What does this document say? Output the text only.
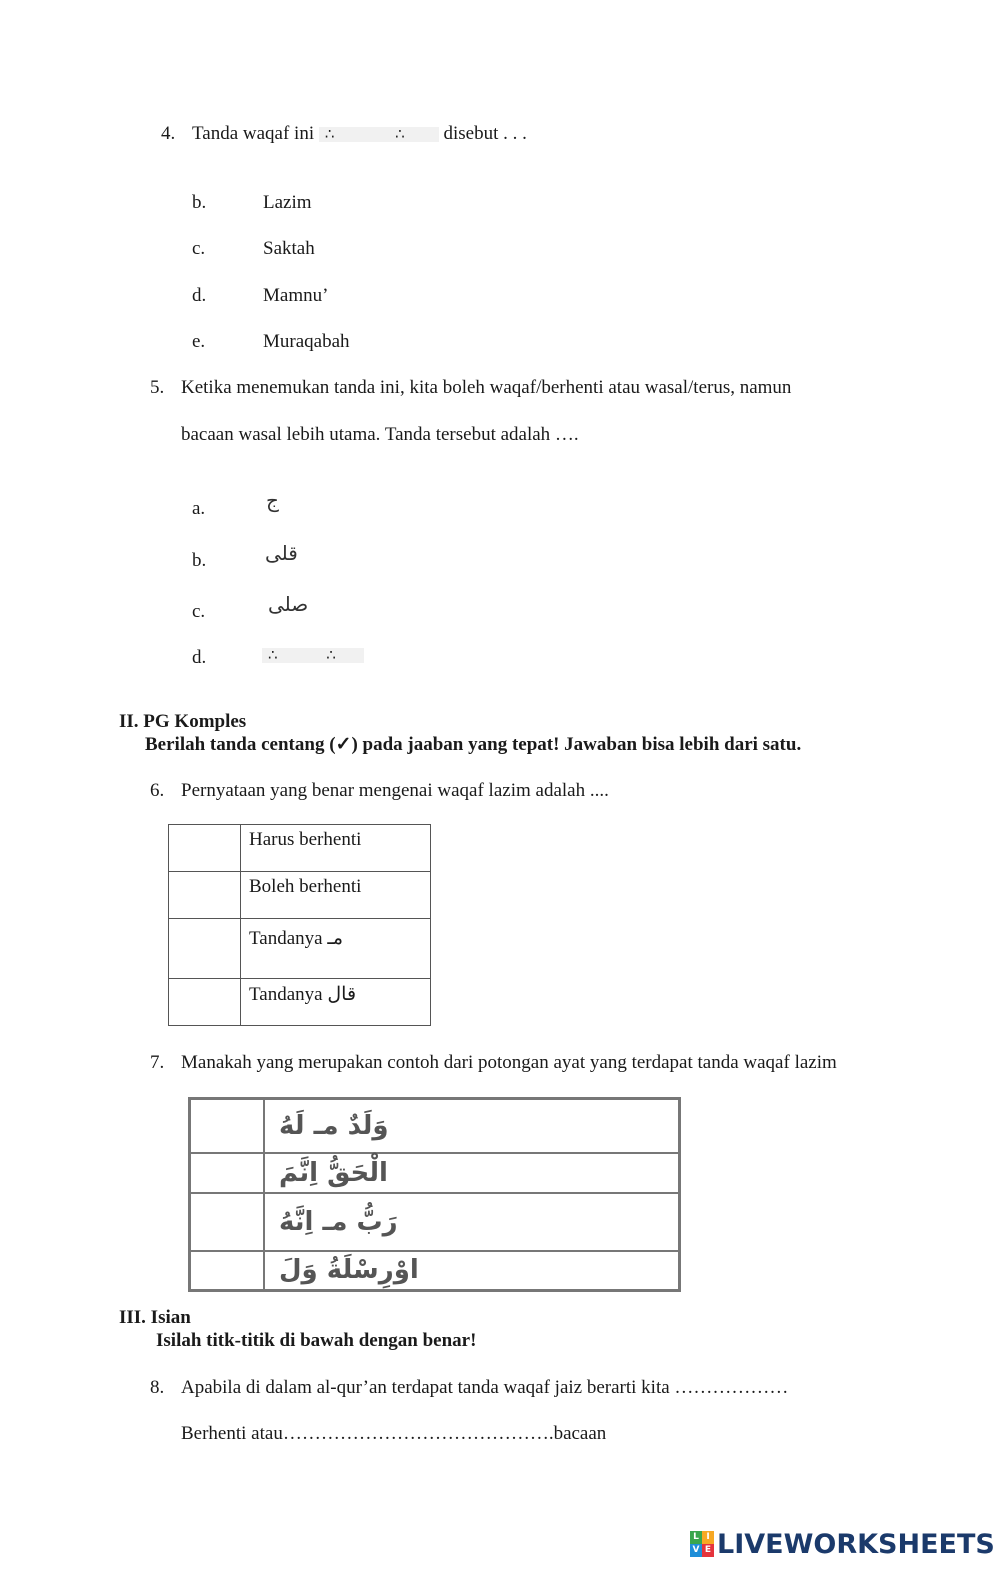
4. Tanda waqaf ini ∴ ∴ disebut . . .
b.	Lazim
c.	Saktah
d.	Mamnu’
e.	Muraqabah
5. Ketika menemukan tanda ini, kita boleh waqaf/berhenti atau wasal/terus, namun
bacaan wasal lebih utama. Tanda tersebut adalah ….
a.	ج
b.	قلى
c.	صلى
d.	∴ ∴
II. PG Komples
Berilah tanda centang (✓) pada jaaban yang tepat! Jawaban bisa lebih dari satu.
6. Pernyataan yang benar mengenai waqaf lazim adalah ....
	Harus berhenti
	Boleh berhenti
	Tandanya مـ
	Tandanya قال
7. Manakah yang merupakan contoh dari potongan ayat yang terdapat tanda waqaf lazim
	وَلَدٌ مـ لَهُ
	الْحَقُّ اِنَّمَ
	رَبُّ مـ اِنَّهُ
	اوْرِسْلَةُ وَلَ
III. Isian
Isilah titk-titik di bawah dengan benar!
8. Apabila di dalam al-qur’an terdapat tanda waqaf jaiz berarti kita ………………
Berhenti atau…………………………………….bacaan
L I
V E LIVEWORKSHEETS
